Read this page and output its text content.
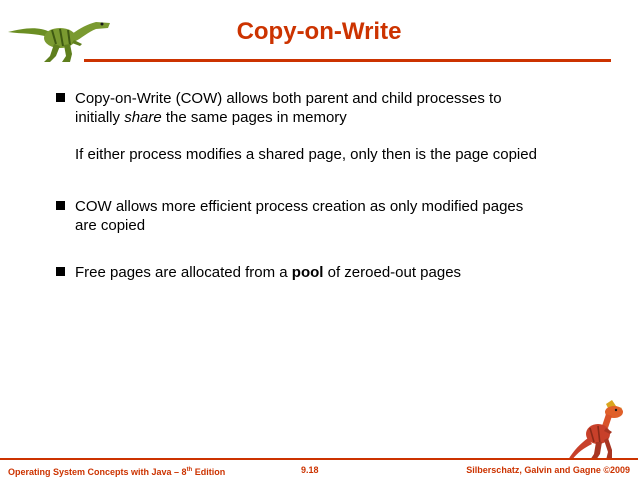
Copy-on-Write

Copy-on-Write (COW) allows both parent and child processes to

initially share the same pages in memory

If either process modifies a shared page, only then is the page copied

COW allows more efficient process creation as only modified pages

are copied

Free pages are allocated from a pool of zeroed-out pages

Operating System Concepts with Java – 8th Edition	9.18	Silberschatz, Galvin and Gagne ©2009
